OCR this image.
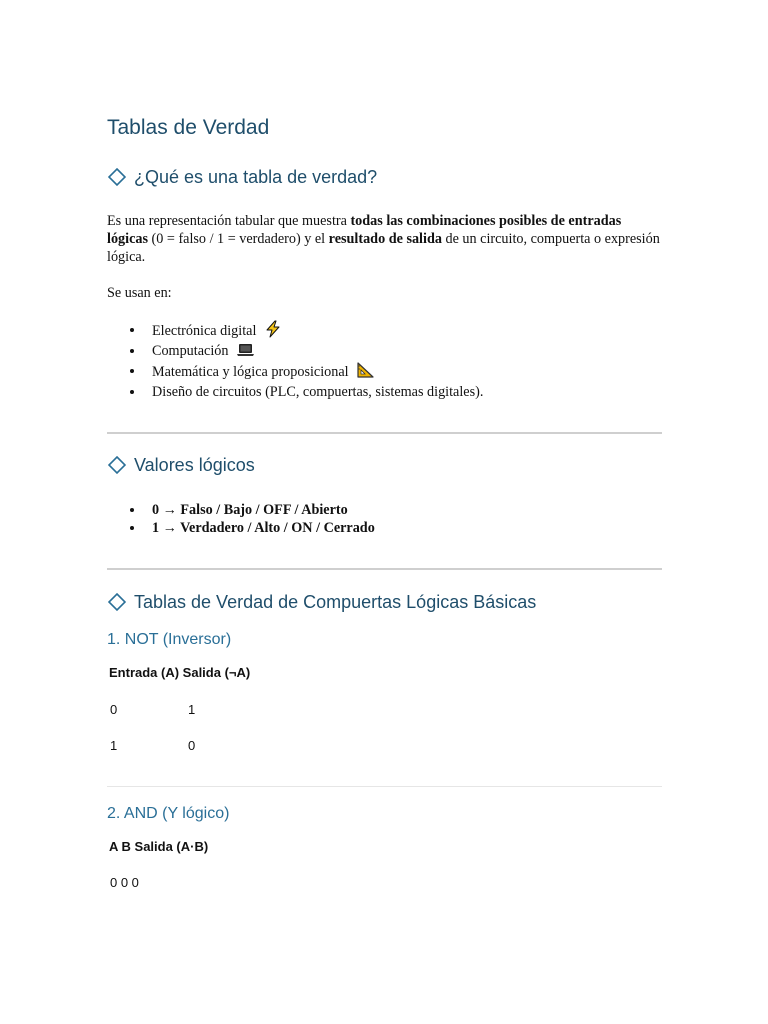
Tablas de Verdad
¿Qué es una tabla de verdad?

Es una representación tabular que muestra todas las combinaciones posibles de entradas lógicas (0 = falso / 1 = verdadero) y el resultado de salida de un circuito, compuerta o expresión lógica.

Se usan en:

Electrónica digital
Computación
Matemática y lógica proposicional
Diseño de circuitos (PLC, compuertas, sistemas digitales).
Valores lógicos
0 → Falso / Bajo / OFF / Abierto
1 → Verdadero / Alto / ON / Cerrado
Tablas de Verdad de Compuertas Lógicas Básicas
1. NOT (Inversor)

Entrada (A) Salida (¬A)

0	1

1	0

2. AND (Y lógico)

A B Salida (A·B)

0 0 0
